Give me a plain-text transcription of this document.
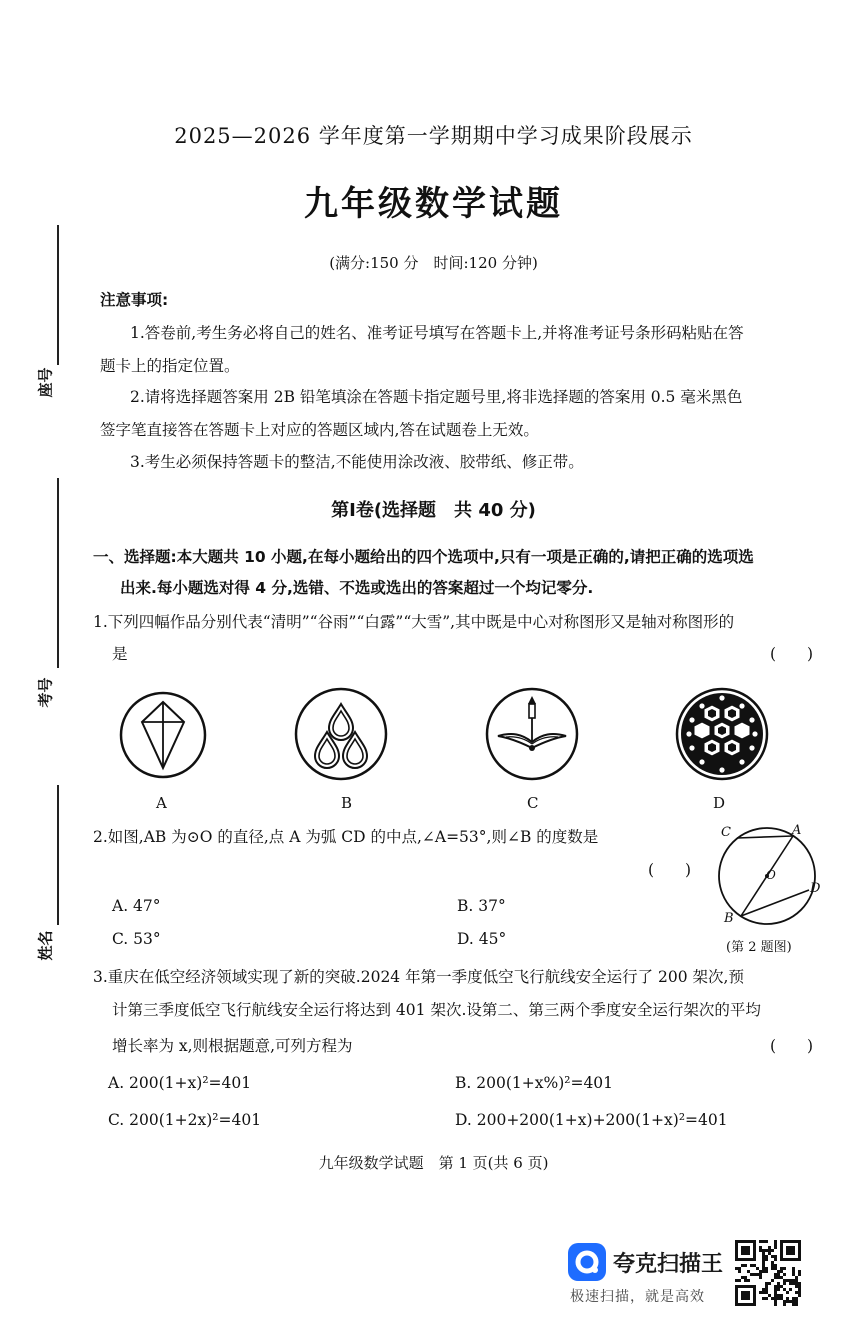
座号
考号
姓名
2025—2026 学年度第一学期期中学习成果阶段展示
九年级数学试题
(满分:150 分　时间:120 分钟)
注意事项:
1.答卷前,考生务必将自己的姓名、准考证号填写在答题卡上,并将准考证号条形码粘贴在答
题卡上的指定位置。
2.请将选择题答案用 2B 铅笔填涂在答题卡指定题号里,将非选择题的答案用 0.5 毫米黑色
签字笔直接答在答题卡上对应的答题区域内,答在试题卷上无效。
3.考生必须保持答题卡的整洁,不能使用涂改液、胶带纸、修正带。
第Ⅰ卷(选择题　共 40 分)
一、选择题:本大题共 10 小题,在每小题给出的四个选项中,只有一项是正确的,请把正确的选项选
出来.每小题选对得 4 分,选错、不选或选出的答案超过一个均记零分.
1.下列四幅作品分别代表“清明”“谷雨”“白露”“大雪”,其中既是中心对称图形又是轴对称图形的
是	(　　)
A	B	C	D
2.如图,AB 为⊙O 的直径,点 A 为弧 CD 的中点,∠A=53°,则∠B 的度数是
(　　)
A. 47°	B. 37°
C. 53°	D. 45°
C	A
O
D
B
(第 2 题图)
3.重庆在低空经济领域实现了新的突破.2024 年第一季度低空飞行航线安全运行了 200 架次,预
计第三季度低空飞行航线安全运行将达到 401 架次.设第二、第三两个季度安全运行架次的平均
增长率为 x,则根据题意,可列方程为	(　　)
A. 200(1+x)²=401	B. 200(1+x%)²=401
C. 200(1+2x)²=401	D. 200+200(1+x)+200(1+x)²=401
九年级数学试题　第 1 页(共 6 页)
夸克扫描王
极速扫描，就是高效
